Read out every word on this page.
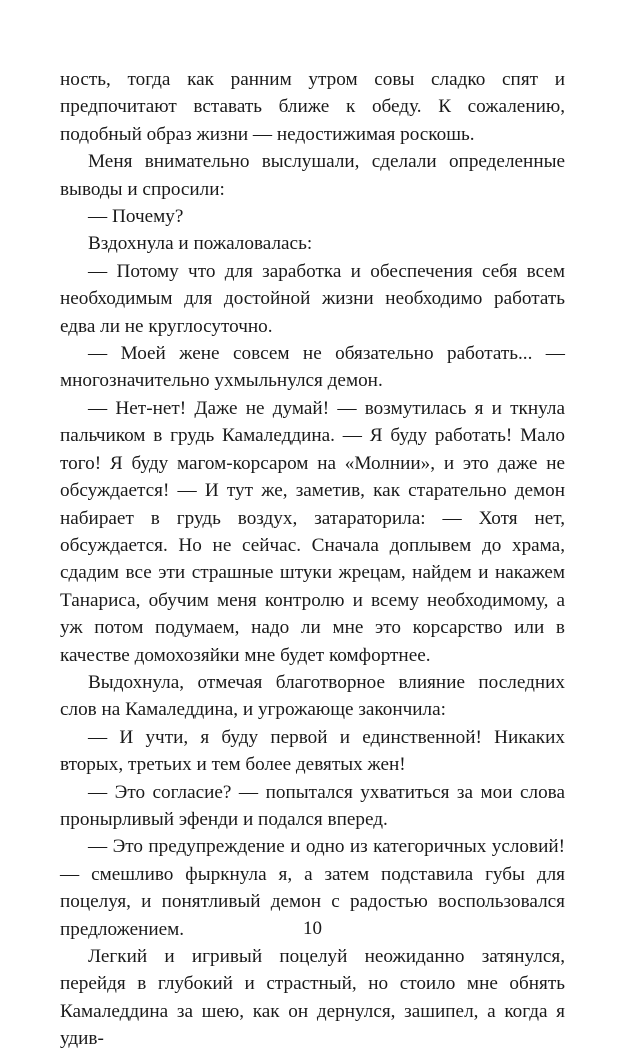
ность, тогда как ранним утром совы сладко спят и предпочитают вставать ближе к обеду. К сожалению, подобный образ жизни — недостижимая роскошь.

Меня внимательно выслушали, сделали определенные выводы и спросили:

— Почему?

Вздохнула и пожаловалась:

— Потому что для заработка и обеспечения себя всем необходимым для достойной жизни необходимо работать едва ли не круглосуточно.

— Моей жене совсем не обязательно работать... — многозначительно ухмыльнулся демон.

— Нет-нет! Даже не думай! — возмутилась я и ткнула пальчиком в грудь Камаледдина. — Я буду работать! Мало того! Я буду магом-корсаром на «Молнии», и это даже не обсуждается! — И тут же, заметив, как старательно демон набирает в грудь воздух, затараторила: — Хотя нет, обсуждается. Но не сейчас. Сначала доплывем до храма, сдадим все эти страшные штуки жрецам, найдем и накажем Танариса, обучим меня контролю и всему необходимому, а уж потом подумаем, надо ли мне это корсарство или в качестве домохозяйки мне будет комфортнее.

Выдохнула, отмечая благотворное влияние последних слов на Камаледдина, и угрожающе закончила:

— И учти, я буду первой и единственной! Никаких вторых, третьих и тем более девятых жен!

— Это согласие? — попытался ухватиться за мои слова пронырливый эфенди и подался вперед.

— Это предупреждение и одно из категоричных условий! — смешливо фыркнула я, а затем подставила губы для поцелуя, и понятливый демон с радостью воспользовался предложением.

Легкий и игривый поцелуй неожиданно затянулся, перейдя в глубокий и страстный, но стоило мне обнять Камаледдина за шею, как он дернулся, зашипел, а когда я удив-

10
